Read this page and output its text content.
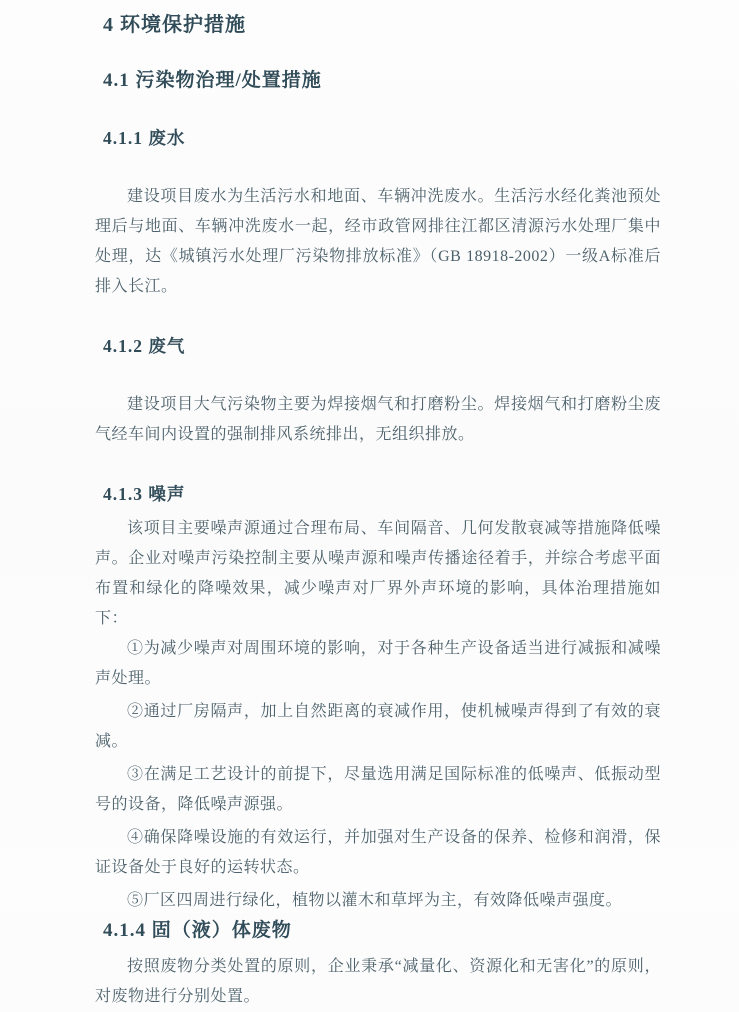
4 环境保护措施
4.1 污染物治理/处置措施
4.1.1 废水

建设项目废水为生活污水和地面、车辆冲洗废水。生活污水经化粪池预处理后与地面、车辆冲洗废水一起，经市政管网排往江都区清源污水处理厂集中处理，达《城镇污水处理厂污染物排放标准》（GB 18918-2002）一级A标准后排入长江。

4.1.2 废气

建设项目大气污染物主要为焊接烟气和打磨粉尘。焊接烟气和打磨粉尘废气经车间内设置的强制排风系统排出，无组织排放。

4.1.3 噪声

该项目主要噪声源通过合理布局、车间隔音、几何发散衰减等措施降低噪声。企业对噪声污染控制主要从噪声源和噪声传播途径着手，并综合考虑平面布置和绿化的降噪效果，减少噪声对厂界外声环境的影响，具体治理措施如下：

①为减少噪声对周围环境的影响，对于各种生产设备适当进行减振和减噪声处理。

②通过厂房隔声，加上自然距离的衰减作用，使机械噪声得到了有效的衰减。

③在满足工艺设计的前提下，尽量选用满足国际标准的低噪声、低振动型号的设备，降低噪声源强。

④确保降噪设施的有效运行，并加强对生产设备的保养、检修和润滑，保证设备处于良好的运转状态。

⑤厂区四周进行绿化，植物以灌木和草坪为主，有效降低噪声强度。

4.1.4 固（液）体废物

按照废物分类处置的原则，企业秉承“减量化、资源化和无害化”的原则，对废物进行分别处置。
